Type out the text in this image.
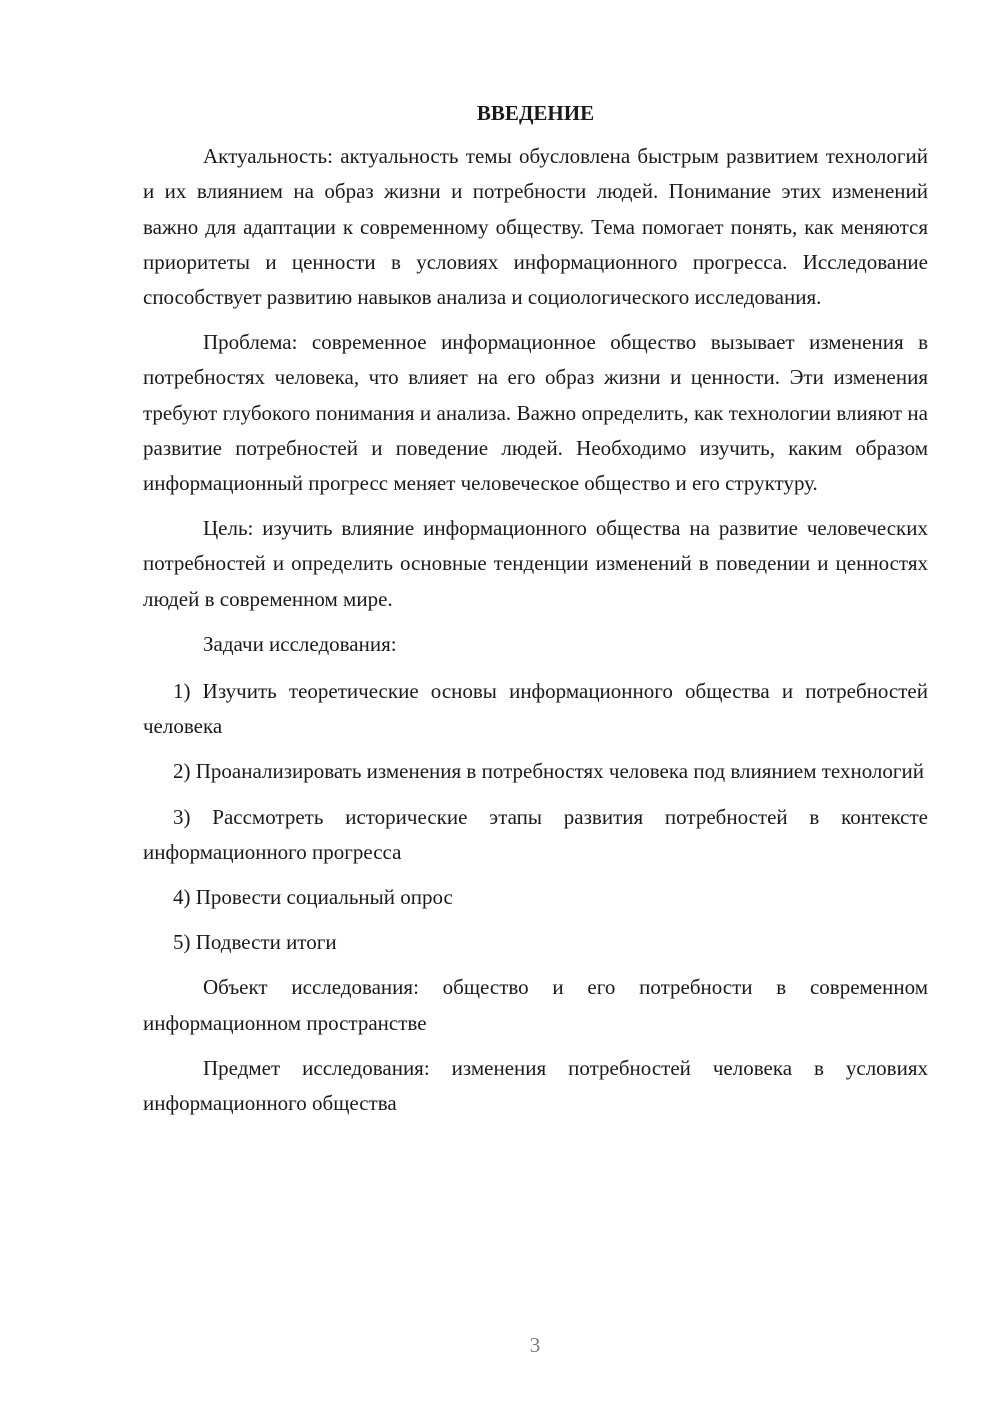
ВВЕДЕНИЕ

Актуальность: актуальность темы обусловлена быстрым развитием технологий и их влиянием на образ жизни и потребности людей. Понимание этих изменений важно для адаптации к современному обществу. Тема помогает понять, как меняются приоритеты и ценности в условиях информационного прогресса. Исследование способствует развитию навыков анализа и социологического исследования.

Проблема: современное информационное общество вызывает изменения в потребностях человека, что влияет на его образ жизни и ценности. Эти изменения требуют глубокого понимания и анализа. Важно определить, как технологии влияют на развитие потребностей и поведение людей. Необходимо изучить, каким образом информационный прогресс меняет человеческое общество и его структуру.

Цель: изучить влияние информационного общества на развитие человеческих потребностей и определить основные тенденции изменений в поведении и ценностях людей в современном мире.

Задачи исследования:

1) Изучить теоретические основы информационного общества и потребностей человека

2) Проанализировать изменения в потребностях человека под влиянием технологий

3) Рассмотреть исторические этапы развития потребностей в контексте информационного прогресса

4) Провести социальный опрос

5) Подвести итоги

Объект исследования: общество и его потребности в современном информационном пространстве

Предмет исследования: изменения потребностей человека в условиях информационного общества

3
